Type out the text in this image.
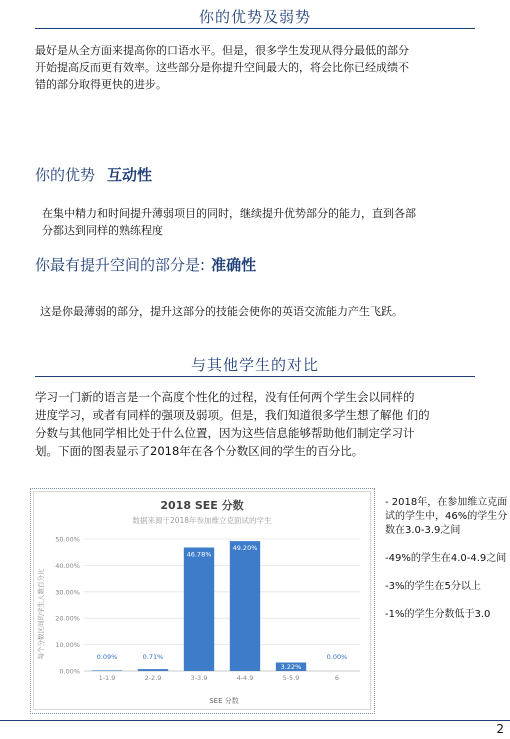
你的优势及弱势
最好是从全方面来提高你的口语水平。但是，很多学生发现从得分最低的部分
开始提高反而更有效率。这些部分是你提升空间最大的，将会比你已经成绩不
错的部分取得更快的进步。
你的优势 互动性
在集中精力和时间提升薄弱项目的同时，继续提升优势部分的能力，直到各部
分都达到同样的熟练程度
你最有提升空间的部分是: 准确性
这是你最薄弱的部分，提升这部分的技能会使你的英语交流能力产生飞跃。
与其他学生的对比
学习一门新的语言是一个高度个性化的过程，没有任何两个学生会以同样的
进度学习，或者有同样的强项及弱项。但是，我们知道很多学生想了解他 们的
分数与其他同学相比处于什么位置，因为这些信息能够帮助他们制定学习计
划。下面的图表显示了2018年在各个分数区间的学生的百分比。
2018 SEE 分数
数据来源于2018年参加维立克面试的学生
0.00%
10.00%
20.00%
30.00%
40.00%
50.00%
0.09%	0.71%
46.78%
49.20%
3.22%
0.00%
1-1.9	2-2.9	3-3.9	4-4.9	5-5.9	6
SEE 分数
每个分数区间的学生人数百分比

- 2018年，在参加维立克面试的学生中，46%的学生分数在3.0-3.9之间

-49%的学生在4.0-4.9之间

-3%的学生在5分以上

-1%的学生分数低于3.0

2
